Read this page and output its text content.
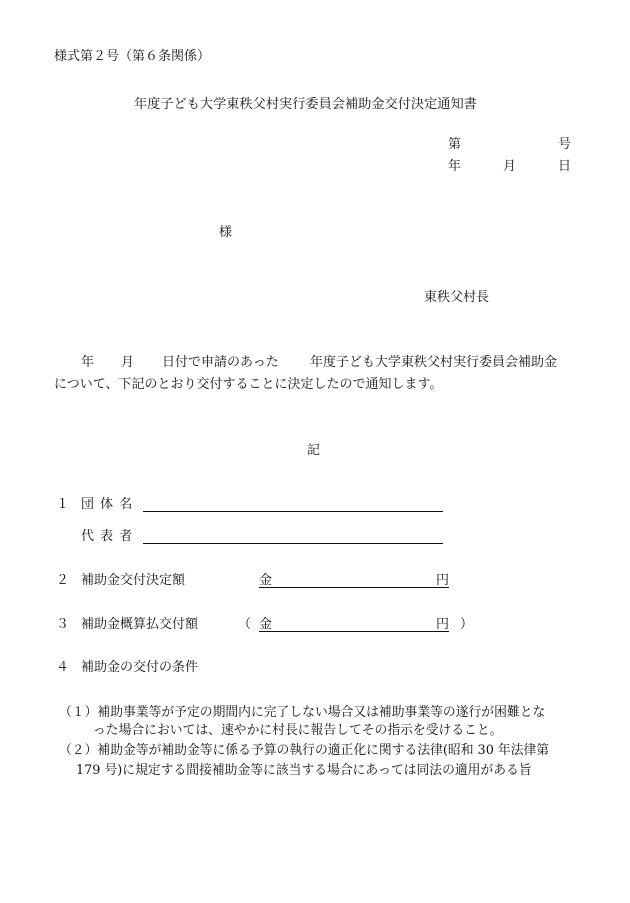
様式第２号（第６条関係）
年度子ども大学東秩父村実行委員会補助金交付決定通知書
第	号
年	月	日
様
東秩父村長
年 月 日付で申請のあった 年度子ども大学東秩父村実行委員会補助金
について、下記のとおり交付することに決定したので通知します。
記
１ 団 体 名
代 表 者
２ 補助金交付決定額	金	円
３ 補助金概算払交付額	（ 金	円 ）
４ 補助金の交付の条件
（１）補助事業等が予定の期間内に完了しない場合又は補助事業等の遂行が困難とな
った場合においては、速やかに村長に報告してその指示を受けること。
（２）補助金等が補助金等に係る予算の執行の適正化に関する法律(昭和 30 年法律第
179 号)に規定する間接補助金等に該当する場合にあっては同法の適用がある旨
